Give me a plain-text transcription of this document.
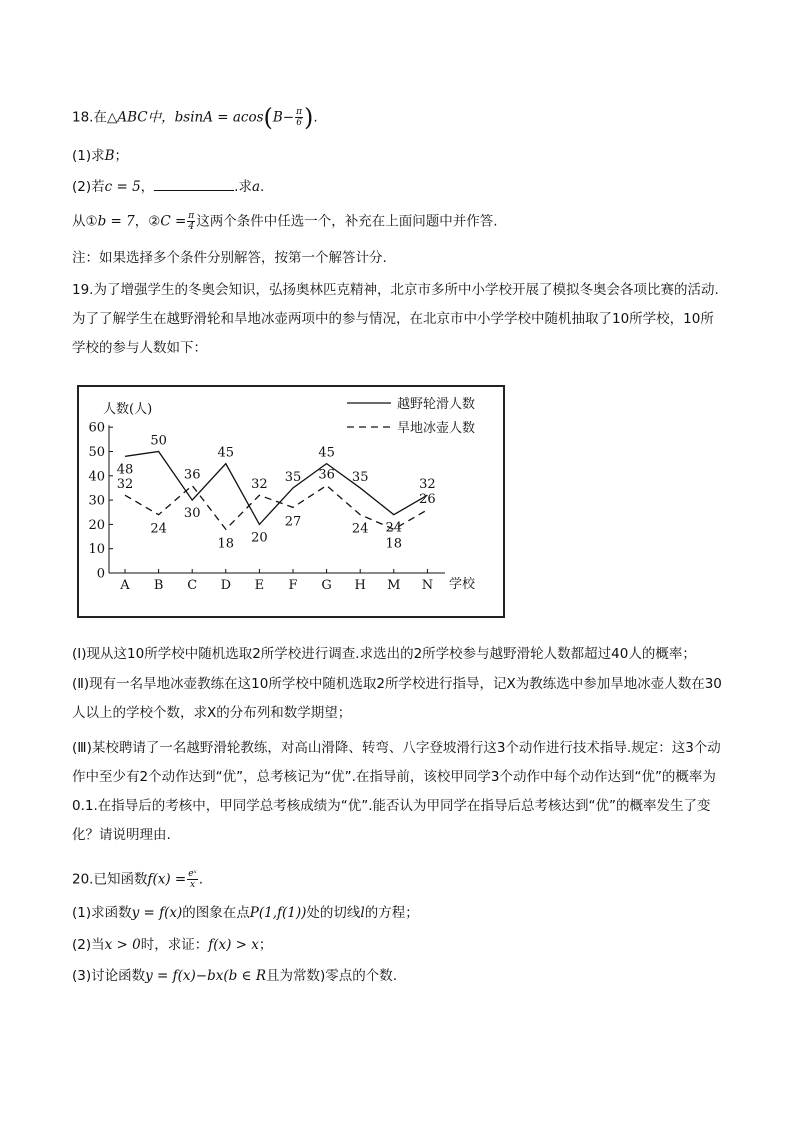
18.在△ABC中，$bsinA = acos(B- \frac{\pi}{6}$ ).
(1)求B；
(2)若c = 5，	.求a.
从①b = 7，②C = $\frac{\pi}{4}$ 这两个条件中任选一个，补充在上面问题中并作答.
注：如果选择多个条件分别解答，按第一个解答计分.
19.为了增强学生的冬奥会知识，弘扬奥林匹克精神，北京市多所中小学校开展了模拟冬奥会各项比赛的活动.为了了解学生在越野滑轮和旱地冰壶两项中的参与情况，在北京市中小学学校中随机抽取了10所学校，10所学校的参与人数如下：
人数(人)
学校
0
10
20
30
40
50
60
A B C D E F G H M N
48
50
30
45
20
35
45
35
24
32
32
24
36
18
32
27
36
24
18
26
越野轮滑人数
旱地冰壶人数
(Ⅰ)现从这10所学校中随机选取2所学校进行调查.求选出的2所学校参与越野滑轮人数都超过40人的概率；
(Ⅱ)现有一名旱地冰壶教练在这10所学校中随机选取2所学校进行指导，记X为教练选中参加旱地冰壶人数在30人以上的学校个数，求X的分布列和数学期望；
(Ⅲ)某校聘请了一名越野滑轮教练，对高山滑降、转弯、八字登坡滑行这3个动作进行技术指导.规定：这3个动作中至少有2个动作达到“优”，总考核记为“优”.在指导前，该校甲同学3个动作中每个动作达到“优”的概率为0.1.在指导后的考核中，甲同学总考核成绩为“优”.能否认为甲同学在指导后总考核达到“优”的概率发生了变化？请说明理由.
20.已知函数$f(x) = \frac{\text{eˣ}}{x}$ .
(1)求函数y = f(x)的图象在点P(1,f(1))处的切线l的方程；
(2)当x > 0时，求证：f(x) > x；
(3)讨论函数y = f(x)−bx(b ∈ R且为常数)零点的个数.
